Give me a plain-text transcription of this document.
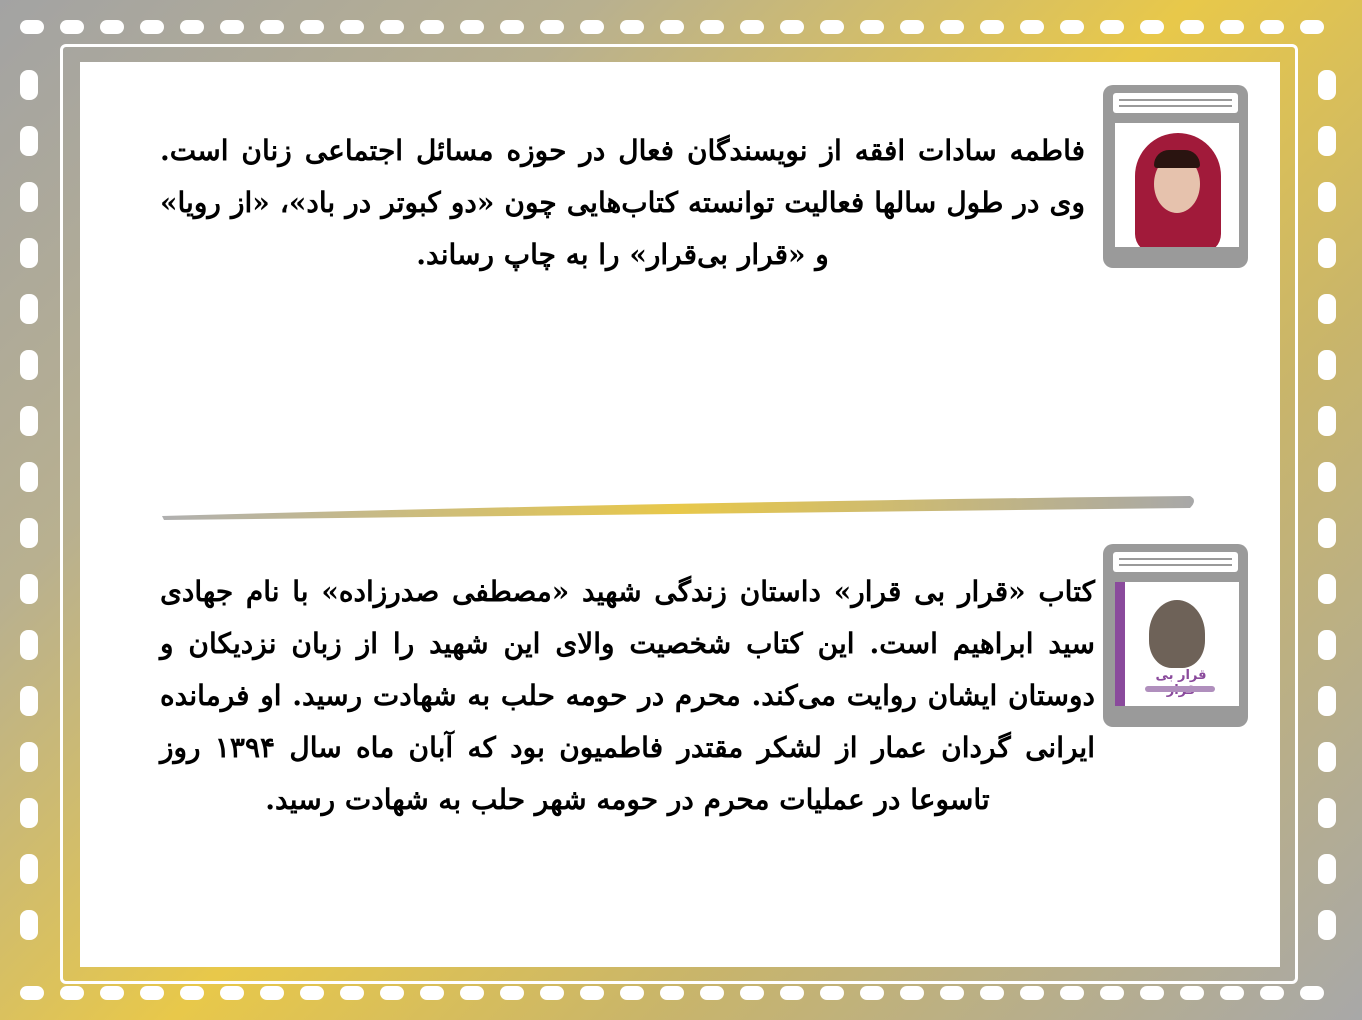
فاطمه سادات افقه از نویسندگان فعال در حوزه مسائل اجتماعی زنان است. وی در طول سالها فعالیت توانسته کتاب‌هایی چون «دو کبوتر در باد»، «از رویا» و «قرار بی‌قرار» را به چاپ رساند.
قرار بی
کتاب «قرار بی قرار» داستان زندگی شهید «مصطفی صدرزاده» با نام جهادی سید ابراهیم است. این کتاب شخصیت والای این شهید را از زبان نزدیکان و دوستان ایشان روایت می‌کند. محرم در حومه حلب به شهادت رسید. او فرمانده ایرانی گردان عمار از لشکر مقتدر فاطمیون بود که آبان ماه سال ۱۳۹۴ روز تاسوعا در عملیات محرم در حومه شهر حلب به شهادت رسید.
